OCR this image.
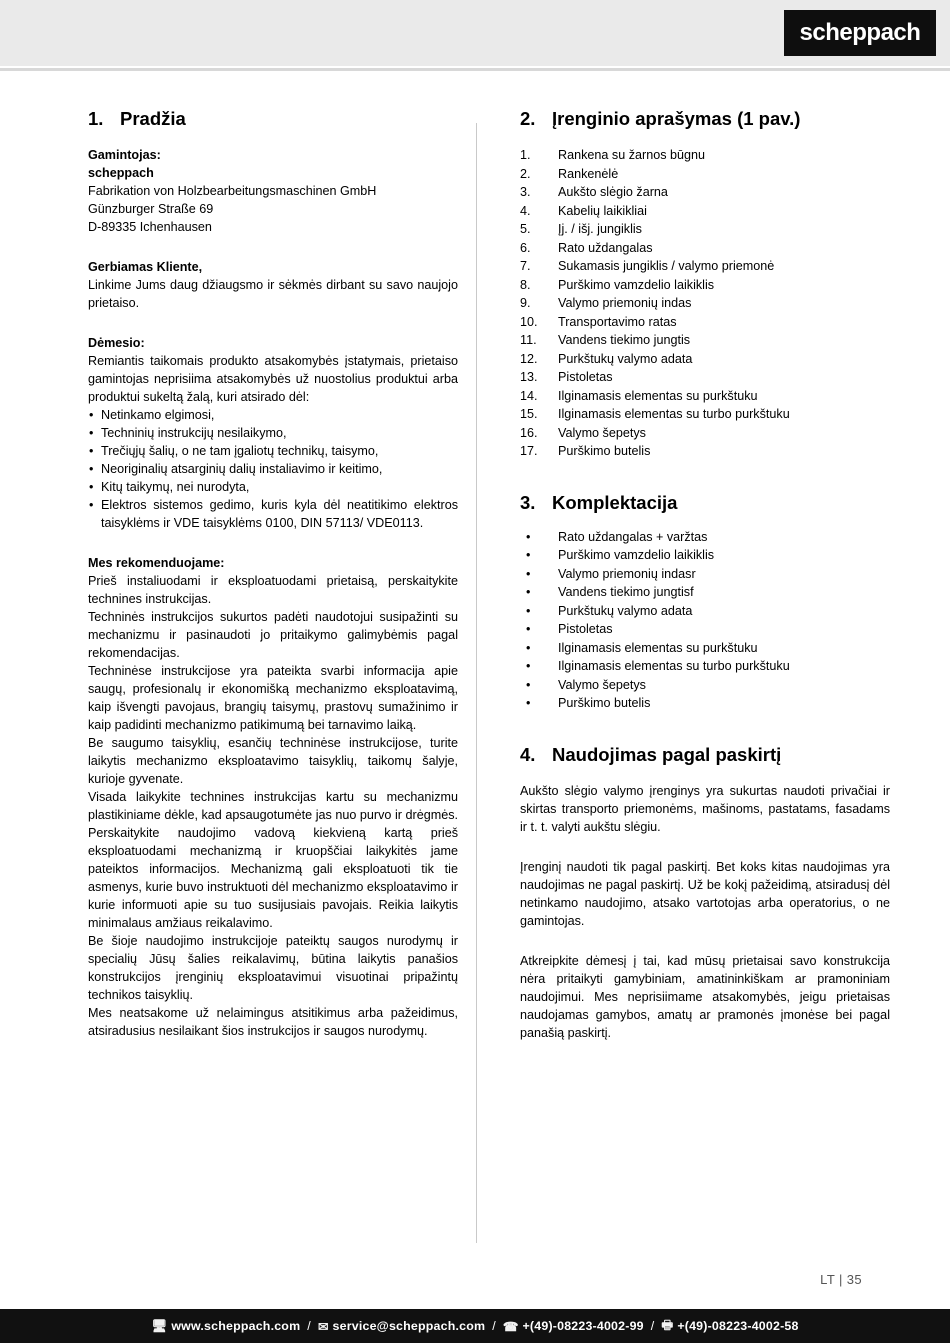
scheppach
1. Pradžia

Gamintojas:

scheppach

Fabrikation von Holzbearbeitungsmaschinen GmbH

Günzburger Straße 69

D-89335 Ichenhausen

Gerbiamas Kliente,

Linkime Jums daug džiaugsmo ir sėkmės dirbant su savo naujojo prietaiso.

Dėmesio:

Remiantis taikomais produkto atsakomybės įstatymais, prietaiso gamintojas neprisiima atsakomybės už nuostolius produktui arba produktui sukeltą žalą, kuri atsirado dėl:

• Netinkamo elgimosi,
• Techninių instrukcijų nesilaikymo,
• Trečiųjų šalių, o ne tam įgaliotų technikų, taisymo,
• Neoriginalių atsarginių dalių instaliavimo ir keitimo,
• Kitų taikymų, nei nurodyta,
• Elektros sistemos gedimo, kuris kyla dėl neatitikimo elektros taisyklėms ir VDE taisyklėms 0100, DIN 57113/ VDE0113.

Mes rekomenduojame:

Prieš instaliuodami ir eksploatuodami prietaisą, perskaitykite technines instrukcijas.

Techninės instrukcijos sukurtos padėti naudotojui susipažinti su mechanizmu ir pasinaudoti jo pritaikymo galimybėmis pagal rekomendacijas.

Techninėse instrukcijose yra pateikta svarbi informacija apie saugų, profesionalų ir ekonomišką mechanizmo eksploatavimą, kaip išvengti pavojaus, brangių taisymų, prastovų sumažinimo ir kaip padidinti mechanizmo patikimumą bei tarnavimo laiką.

Be saugumo taisyklių, esančių techninėse instrukcijose, turite laikytis mechanizmo eksploatavimo taisyklių, taikomų šalyje, kurioje gyvenate.

Visada laikykite technines instrukcijas kartu su mechanizmu plastikiniame dėkle, kad apsaugotumėte jas nuo purvo ir drėgmės. Perskaitykite naudojimo vadovą kiekvieną kartą prieš eksploatuodami mechanizmą ir kruopščiai laikykitės jame pateiktos informacijos. Mechanizmą gali eksploatuoti tik tie asmenys, kurie buvo instruktuoti dėl mechanizmo eksploatavimo ir kurie informuoti apie su tuo susijusiais pavojais. Reikia laikytis minimalaus amžiaus reikalavimo.

Be šioje naudojimo instrukcijoje pateiktų saugos nurodymų ir specialių Jūsų šalies reikalavimų, būtina laikytis panašios konstrukcijos įrenginių eksploatavimui visuotinai pripažintų technikos taisyklių.

Mes neatsakome už nelaimingus atsitikimus arba pažeidimus, atsiradusius nesilaikant šios instrukcijos ir saugos nurodymų.

2. Įrenginio aprašymas (1 pav.)
1.	Rankena su žarnos būgnu
2.	Rankenėlė
3.	Aukšto slėgio žarna
4.	Kabelių laikikliai
5.	Įj. / išj. jungiklis
6.	Rato uždangalas
7.	Sukamasis jungiklis / valymo priemonė
8.	Purškimo vamzdelio laikiklis
9.	Valymo priemonių indas
10.	Transportavimo ratas
11.	Vandens tiekimo jungtis
12.	Purkštukų valymo adata
13.	Pistoletas
14.	Ilginamasis elementas su purkštuku
15.	Ilginamasis elementas su turbo purkštuku
16.	Valymo šepetys
17.	Purškimo butelis
3. Komplektacija
• Rato uždangalas + varžtas
• Purškimo vamzdelio laikiklis
• Valymo priemonių indasr
• Vandens tiekimo jungtisf
• Purkštukų valymo adata
• Pistoletas
• Ilginamasis elementas su purkštuku
• Ilginamasis elementas su turbo purkštuku
• Valymo šepetys
• Purškimo butelis
4. Naudojimas pagal paskirtį

Aukšto slėgio valymo įrenginys yra sukurtas naudoti privačiai ir skirtas transporto priemonėms, mašinoms, pastatams, fasadams ir t. t. valyti aukštu slėgiu.

Įrenginį naudoti tik pagal paskirtį. Bet koks kitas naudojimas yra naudojimas ne pagal paskirtį. Už be kokį pažeidimą, atsiradusį dėl netinkamo naudojimo, atsako vartotojas arba operatorius, o ne gamintojas.

Atkreipkite dėmesį į tai, kad mūsų prietaisai savo konstrukcija nėra pritaikyti gamybiniam, amatininkiškam ar pramoniniam naudojimui. Mes neprisiimame atsakomybės, jeigu prietaisas naudojamas gamybos, amatų ar pramonės įmonėse bei pagal panašią paskirtį.

LT | 35
🖥 www.scheppach.com / ✉ service@scheppach.com / ☎ +(49)-08223-4002-99 / 🖶 +(49)-08223-4002-58
